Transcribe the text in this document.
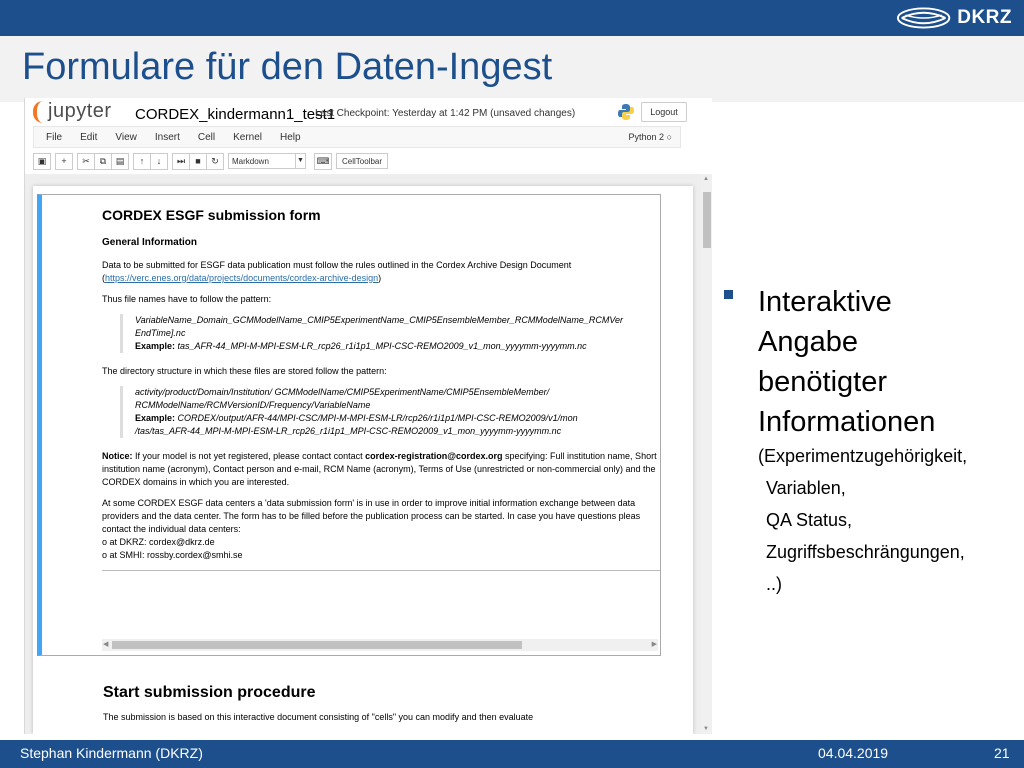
DKRZ
Formulare für den Daten-Ingest
jupyter CORDEX_kindermann1_test1
Last Checkpoint: Yesterday at 1:42 PM (unsaved changes)	Logout
File Edit View Insert Cell Kernel Help	Python 2 ○
▣	+	✂	⧉	▤	↑	↓	⏭	■	↻	Markdown	▼ ⌨	CellToolbar
CORDEX ESGF submission form
General Information
Data to be submitted for ESGF data publication must follow the rules outlined in the Cordex Archive Design Document
(https://verc.enes.org/data/projects/documents/cordex-archive-design)
Thus file names have to follow the pattern:
VariableName_Domain_GCMModelName_CMIP5ExperimentName_CMIP5EnsembleMember_RCMModelName_RCMVer
EndTime].nc
Example: tas_AFR-44_MPI-M-MPI-ESM-LR_rcp26_r1i1p1_MPI-CSC-REMO2009_v1_mon_yyyymm-yyyymm.nc
The directory structure in which these files are stored follow the pattern:
activity/product/Domain/Institution/ GCMModelName/CMIP5ExperimentName/CMIP5EnsembleMember/
RCMModelName/RCMVersionID/Frequency/VariableName
Example: CORDEX/output/AFR-44/MPI-CSC/MPI-M-MPI-ESM-LR/rcp26/r1i1p1/MPI-CSC-REMO2009/v1/mon
/tas/tas_AFR-44_MPI-M-MPI-ESM-LR_rcp26_r1i1p1_MPI-CSC-REMO2009_v1_mon_yyyymm-yyyymm.nc
Notice: If your model is not yet registered, please contact contact cordex-registration@cordex.org specifying: Full institution name, Short institution name (acronym), Contact person and e-mail, RCM Name (acronym), Terms of Use (unrestricted or non-commercial only) and the CORDEX domains in which you are interested.
At some CORDEX ESGF data centers a 'data submission form' is in use in order to improve initial information exchange between data providers and the data center. The form has to be filled before the publication process can be started. In case you have questions pleas contact the individual data centers:
o at DKRZ: cordex@dkrz.de
o at SMHI: rossby.cordex@smhi.se
◀	▶
Start submission procedure
The submission is based on this interactive document consisting of "cells" you can modify and then evaluate
▲
▼
Interaktive
Angabe
benötigter
Informationen
(Experimentzugehörigkeit,
Variablen,
QA Status,
Zugriffsbeschrängungen,
..)
Stephan Kindermann (DKRZ)	04.04.2019	21
